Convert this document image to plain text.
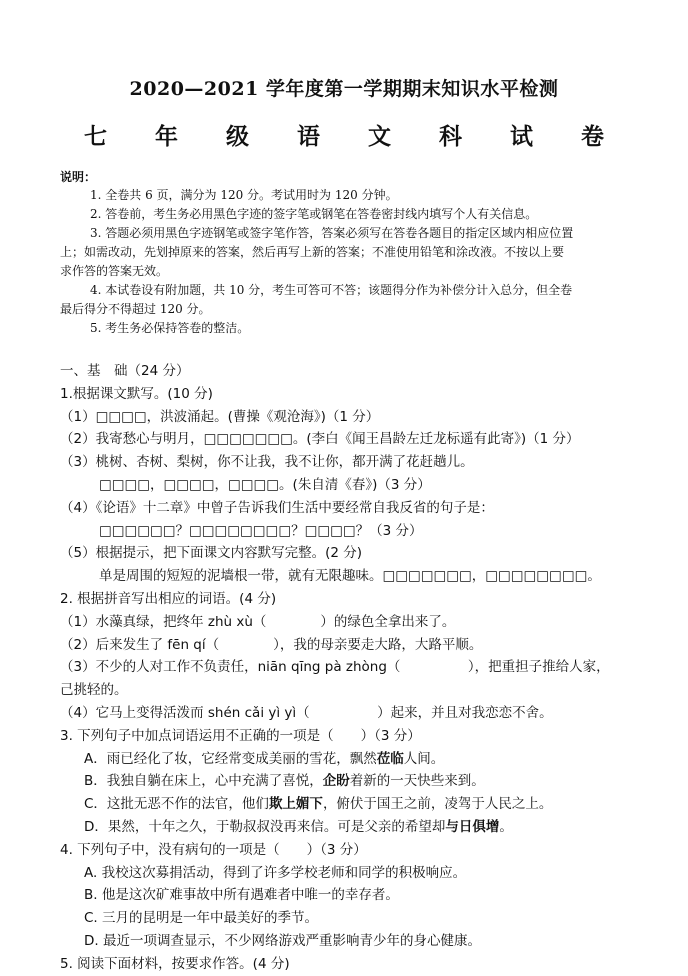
2020—2021 学年度第一学期期末知识水平检测
七 年 级 语 文 科 试 卷
说明：

1. 全卷共 6 页，满分为 120 分。考试用时为 120 分钟。

2. 答卷前，考生务必用黑色字迹的签字笔或钢笔在答卷密封线内填写个人有关信息。

3. 答题必须用黑色字迹钢笔或签字笔作答，答案必须写在答卷各题目的指定区域内相应位置

上；如需改动，先划掉原来的答案，然后再写上新的答案；不准使用铅笔和涂改液。不按以上要

求作答的答案无效。

4. 本试卷设有附加题，共 10 分，考生可答可不答；该题得分作为补偿分计入总分，但全卷

最后得分不得超过 120 分。

5. 考生务必保持答卷的整洁。

一、基　础（24 分）

1.根据课文默写。(10 分)

（1）□□□□，洪波涌起。(曹操《观沧海》)（1 分）

（2）我寄愁心与明月，□□□□□□□。(李白《闻王昌龄左迁龙标遥有此寄》)（1 分）

（3）桃树、杏树、梨树，你不让我，我不让你，都开满了花赶趟儿。

□□□□，□□□□，□□□□。(朱自清《春》)（3 分）

（4）《论语》十二章》中曾子告诉我们生活中要经常自我反省的句子是：

□□□□□□？□□□□□□□□？□□□□？（3 分）

（5）根据提示，把下面课文内容默写完整。(2 分)

单是周围的短短的泥墙根一带，就有无限趣味。□□□□□□□，□□□□□□□□。

2. 根据拼音写出相应的词语。(4 分)

（1）水藻真绿，把终年 zhù xù（　　　　）的绿色全拿出来了。

（2）后来发生了 fēn qí（　　　　），我的母亲要走大路，大路平顺。

（3）不少的人对工作不负责任，niān qīng pà zhòng（　　　　　），把重担子推给人家，

己挑轻的。

（4）它马上变得活泼而 shén cǎi yì yì（　　　　　）起来，并且对我恋恋不舍。

3. 下列句子中加点词语运用不正确的一项是（　　）（3 分）

A．雨已经化了妆，它经常变成美丽的雪花，飘然莅临人间。

B．我独自躺在床上，心中充满了喜悦，企盼着新的一天快些来到。

C．这批无恶不作的法官，他们欺上媚下，俯伏于国王之前，凌驾于人民之上。

D．果然，十年之久，于勒叔叔没再来信。可是父亲的希望却与日俱增。

4. 下列句子中，没有病句的一项是（　　）（3 分）

A. 我校这次募捐活动，得到了许多学校老师和同学的积极响应。

B. 他是这次矿难事故中所有遇难者中唯一的幸存者。

C. 三月的昆明是一年中最美好的季节。

D. 最近一项调查显示，不少网络游戏严重影响青少年的身心健康。

5. 阅读下面材料，按要求作答。(4 分)
